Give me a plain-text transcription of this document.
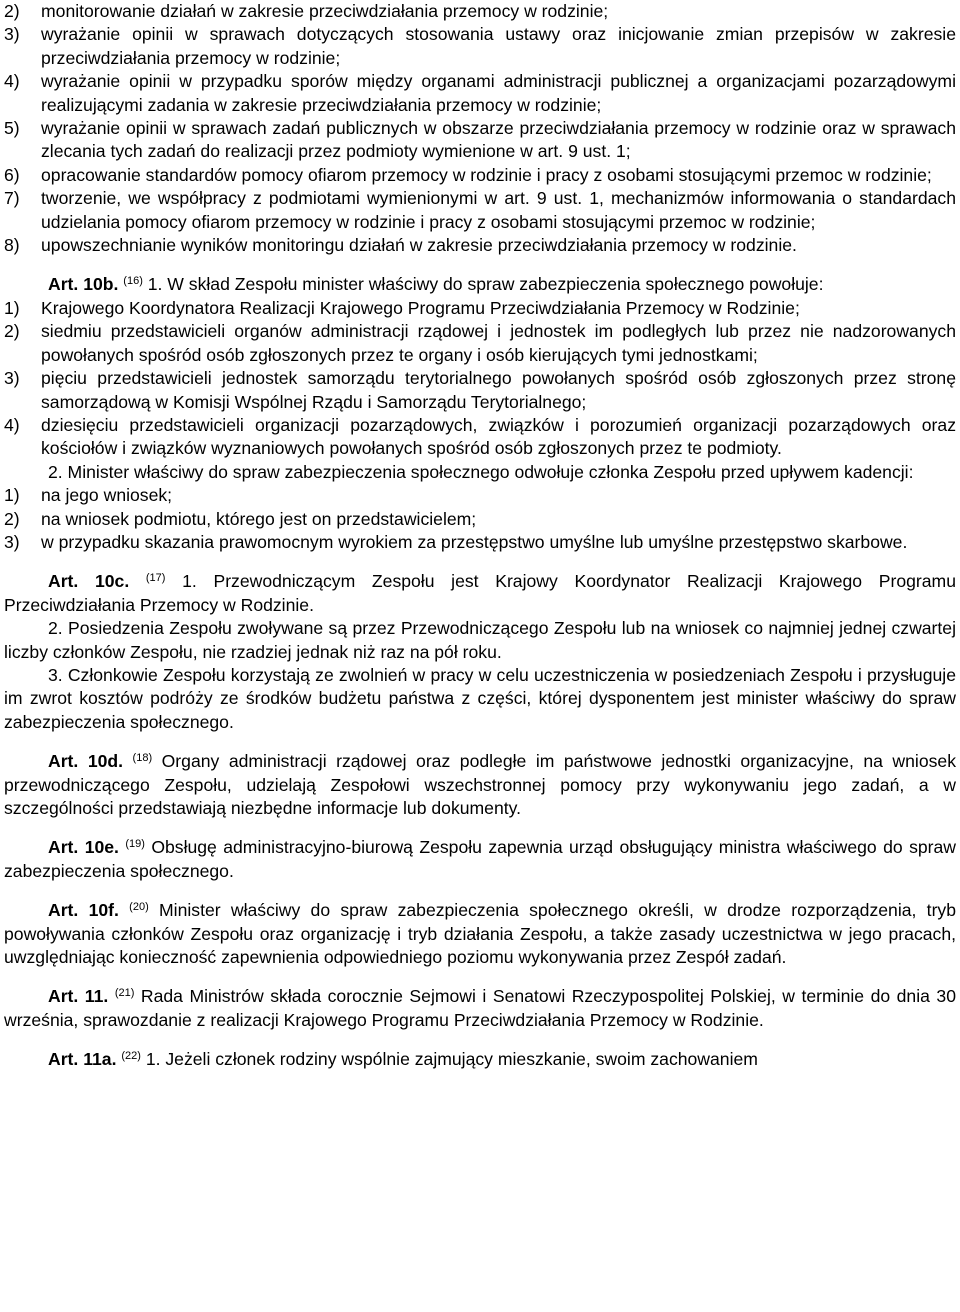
2) monitorowanie działań w zakresie przeciwdziałania przemocy w rodzinie;
3) wyrażanie opinii w sprawach dotyczących stosowania ustawy oraz inicjowanie zmian przepisów w zakresie przeciwdziałania przemocy w rodzinie;
4) wyrażanie opinii w przypadku sporów między organami administracji publicznej a organizacjami pozarządowymi realizującymi zadania w zakresie przeciwdziałania przemocy w rodzinie;
5) wyrażanie opinii w sprawach zadań publicznych w obszarze przeciwdziałania przemocy w rodzinie oraz w sprawach zlecania tych zadań do realizacji przez podmioty wymienione w art. 9 ust. 1;
6) opracowanie standardów pomocy ofiarom przemocy w rodzinie i pracy z osobami stosującymi przemoc w rodzinie;
7) tworzenie, we współpracy z podmiotami wymienionymi w art. 9 ust. 1, mechanizmów informowania o standardach udzielania pomocy ofiarom przemocy w rodzinie i pracy z osobami stosującymi przemoc w rodzinie;
8) upowszechnianie wyników monitoringu działań w zakresie przeciwdziałania przemocy w rodzinie.
Art. 10b. $^{(16)}$ 1. W skład Zespołu minister właściwy do spraw zabezpieczenia społecznego powołuje:
1) Krajowego Koordynatora Realizacji Krajowego Programu Przeciwdziałania Przemocy w Rodzinie;
2) siedmiu przedstawicieli organów administracji rządowej i jednostek im podległych lub przez nie nadzorowanych powołanych spośród osób zgłoszonych przez te organy i osób kierujących tymi jednostkami;
3) pięciu przedstawicieli jednostek samorządu terytorialnego powołanych spośród osób zgłoszonych przez stronę samorządową w Komisji Wspólnej Rządu i Samorządu Terytorialnego;
4) dziesięciu przedstawicieli organizacji pozarządowych, związków i porozumień organizacji pozarządowych oraz kościołów i związków wyznaniowych powołanych spośród osób zgłoszonych przez te podmioty.
2. Minister właściwy do spraw zabezpieczenia społecznego odwołuje członka Zespołu przed upływem kadencji:
1) na jego wniosek;
2) na wniosek podmiotu, którego jest on przedstawicielem;
3) w przypadku skazania prawomocnym wyrokiem za przestępstwo umyślne lub umyślne przestępstwo skarbowe.
Art. 10c. $^{(17)}$ 1. Przewodniczącym Zespołu jest Krajowy Koordynator Realizacji Krajowego Programu Przeciwdziałania Przemocy w Rodzinie.
2. Posiedzenia Zespołu zwoływane są przez Przewodniczącego Zespołu lub na wniosek co najmniej jednej czwartej liczby członków Zespołu, nie rzadziej jednak niż raz na pół roku.
3. Członkowie Zespołu korzystają ze zwolnień w pracy w celu uczestniczenia w posiedzeniach Zespołu i przysługuje im zwrot kosztów podróży ze środków budżetu państwa z części, której dysponentem jest minister właściwy do spraw zabezpieczenia społecznego.
Art. 10d. $^{(18)}$ Organy administracji rządowej oraz podległe im państwowe jednostki organizacyjne, na wniosek przewodniczącego Zespołu, udzielają Zespołowi wszechstronnej pomocy przy wykonywaniu jego zadań, a w szczególności przedstawiają niezbędne informacje lub dokumenty.
Art. 10e. $^{(19)}$ Obsługę administracyjno-biurową Zespołu zapewnia urząd obsługujący ministra właściwego do spraw zabezpieczenia społecznego.
Art. 10f. $^{(20)}$ Minister właściwy do spraw zabezpieczenia społecznego określi, w drodze rozporządzenia, tryb powoływania członków Zespołu oraz organizację i tryb działania Zespołu, a także zasady uczestnictwa w jego pracach, uwzględniając konieczność zapewnienia odpowiedniego poziomu wykonywania przez Zespół zadań.
Art. 11. $^{(21)}$ Rada Ministrów składa corocznie Sejmowi i Senatowi Rzeczypospolitej Polskiej, w terminie do dnia 30 września, sprawozdanie z realizacji Krajowego Programu Przeciwdziałania Przemocy w Rodzinie.
Art. 11a. $^{(22)}$ 1. Jeżeli członek rodziny wspólnie zajmujący mieszkanie, swoim zachowaniem
